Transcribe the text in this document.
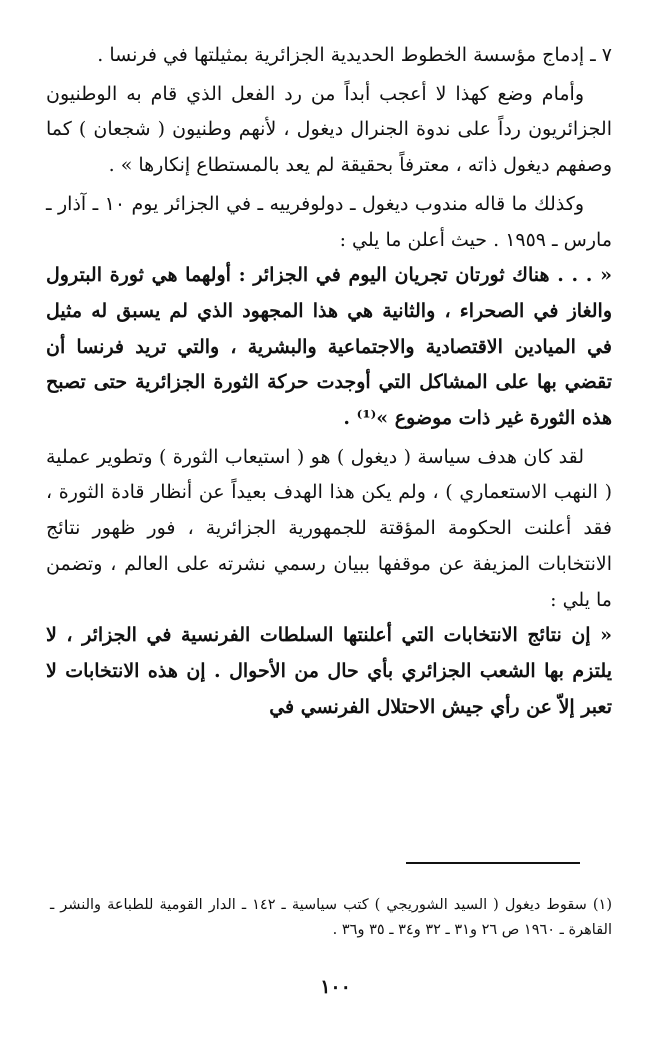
٧ ـ إدماج مؤسسة الخطوط الحديدية الجزائرية بمثيلتها في فرنسا .

وأمام وضع كهذا لا أعجب أبداً من رد الفعل الذي قام به الوطنيون الجزائريون رداً على ندوة الجنرال ديغول ، لأنهم وطنيون ( شجعان ) كما وصفهم ديغول ذاته ، معترفاً بحقيقة لم يعد بالمستطاع إنكارها » .

وكذلك ما قاله مندوب ديغول ـ دولوفرييه ـ في الجزائر يوم ١٠ ـ آذار ـ مارس ـ ١٩٥٩ . حيث أعلن ما يلي :

« . . . هناك ثورتان تجريان اليوم في الجزائر : أولهما هي ثورة البترول والغاز في الصحراء ، والثانية هي هذا المجهود الذي لم يسبق له مثيل في الميادين الاقتصادية والاجتماعية والبشرية ، والتي تريد فرنسا أن تقضي بها على المشاكل التي أوجدت حركة الثورة الجزائرية حتى تصبح هذه الثورة غير ذات موضوع »⁽¹⁾ .

لقد كان هدف سياسة ( ديغول ) هو ( استيعاب الثورة ) وتطوير عملية ( النهب الاستعماري ) ، ولم يكن هذا الهدف بعيداً عن أنظار قادة الثورة ، فقد أعلنت الحكومة المؤقتة للجمهورية الجزائرية ، فور ظهور نتائج الانتخابات المزيفة عن موقفها ببيان رسمي نشرته على العالم ، وتضمن ما يلي :

« إن نتائج الانتخابات التي أعلنتها السلطات الفرنسية في الجزائر ، لا يلتزم بها الشعب الجزائري بأي حال من الأحوال . إن هذه الانتخابات لا تعبر إلاّ عن رأي جيش الاحتلال الفرنسي في

(١) سقوط ديغول ( السيد الشوريجي ) كتب سياسية ـ ١٤٢ ـ الدار القومية للطباعة والنشر ـ القاهرة ـ ١٩٦٠ ص ٢٦ و٣١ ـ ٣٢ و٣٤ ـ ٣٥ و٣٦ .
١٠٠
